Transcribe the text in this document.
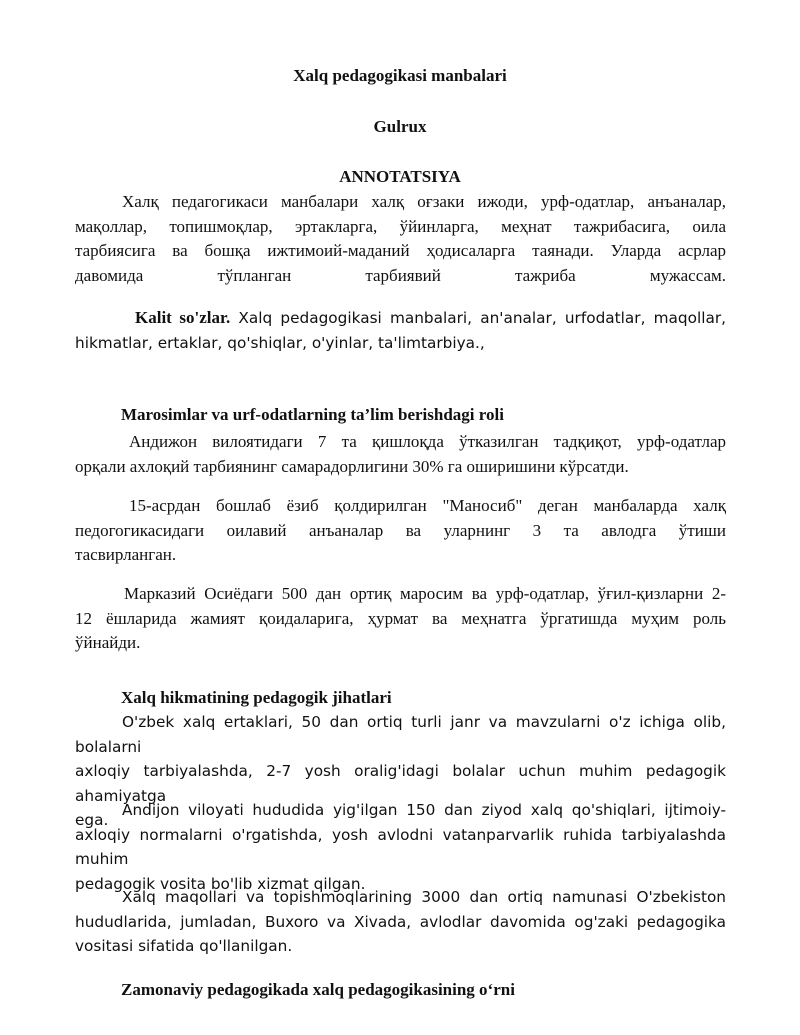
Xalq pedagogikasi manbalari
Gulrux
ANNOTATSIYA
Халқ педагогикаси манбалари халқ оғзаки ижоди, урф-одатлар, анъаналар,
мақоллар, топишмоқлар, эртакларга, ўйинларга, меҳнат тажрибасига, оила
тарбиясига ва бошқа ижтимоий-маданий ҳодисаларга таянади. Уларда асрлар
давомида тўпланган тарбиявий тажриба мужассам.
Kalit so'zlar. Xalq pedagogikasi manbalari, an'analar, urfodatlar, maqollar,
hikmatlar, ertaklar, qo'shiqlar, o'yinlar, ta'limtarbiya.,
Marosimlar va urf-odatlarning ta’lim berishdagi roli
Андижон вилоятидаги 7 та қишлоқда ўтказилган тадқиқот, урф-одатлар
орқали ахлоқий тарбиянинг самарадорлигини 30% га оширишини кўрсатди.
15-асрдан бошлаб ёзиб қолдирилган "Маносиб" деган манбаларда халқ
педогогикасидаги оилавий анъаналар ва уларнинг 3 та авлодга ўтиши
тасвирланган.
Марказий Осиёдаги 500 дан ортиқ маросим ва урф-одатлар, ўғил-қизларни 2-
12 ёшларида жамият қоидаларига, ҳурмат ва меҳнатга ўргатишда муҳим роль
ўйнайди.
Xalq hikmatining pedagogik jihatlari
O'zbek xalq ertaklari, 50 dan ortiq turli janr va mavzularni o'z ichiga olib, bolalarni
axloqiy tarbiyalashda, 2-7 yosh oralig'idagi bolalar uchun muhim pedagogik ahamiyatga
ega.
Andijon viloyati hududida yig'ilgan 150 dan ziyod xalq qo'shiqlari, ijtimoiy-
axloqiy normalarni o'rgatishda, yosh avlodni vatanparvarlik ruhida tarbiyalashda muhim
pedagogik vosita bo'lib xizmat qilgan.
Xalq maqollari va topishmoqlarining 3000 dan ortiq namunasi O'zbekiston
hududlarida, jumladan, Buxoro va Xivada, avlodlar davomida og'zaki pedagogika
vositasi sifatida qo'llanilgan.
Zamonaviy pedagogikada xalq pedagogikasining o‘rni
